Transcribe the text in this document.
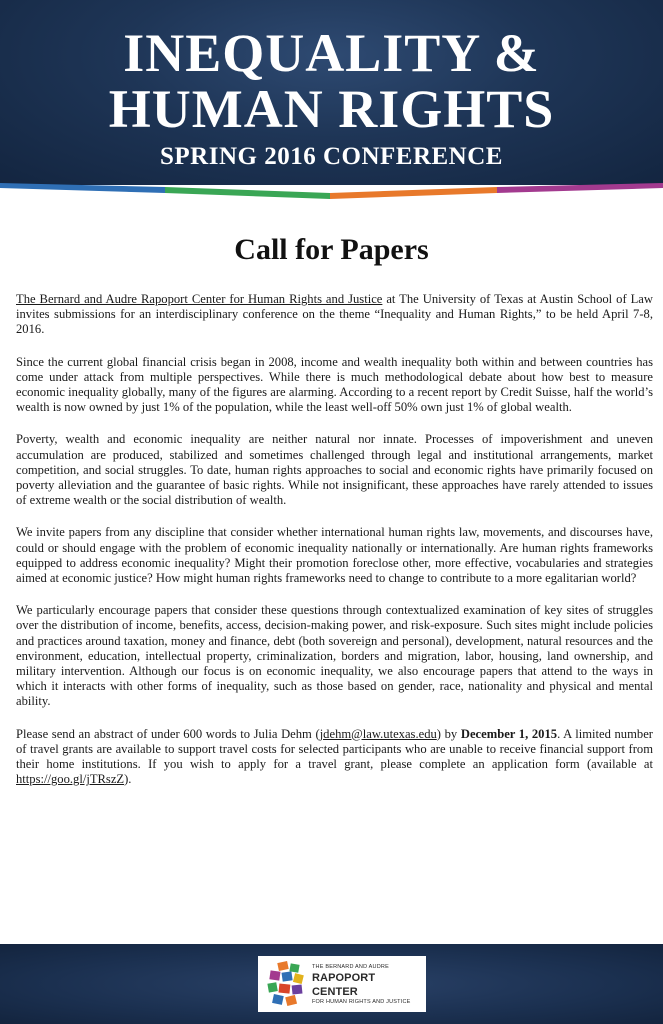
INEQUALITY &
HUMAN RIGHTS
SPRING 2016 CONFERENCE
Call for Papers

The Bernard and Audre Rapoport Center for Human Rights and Justice at The University of Texas at Austin School of Law invites submissions for an interdisciplinary conference on the theme “Inequality and Human Rights,” to be held April 7-8, 2016.

Since the current global financial crisis began in 2008, income and wealth inequality both within and between countries has come under attack from multiple perspectives. While there is much methodological debate about how best to measure economic inequality globally, many of the figures are alarming. According to a recent report by Credit Suisse, half the world’s wealth is now owned by just 1% of the population, while the least well-off 50% own just 1% of global wealth.

Poverty, wealth and economic inequality are neither natural nor innate. Processes of impoverishment and uneven accumulation are produced, stabilized and sometimes challenged through legal and institutional arrangements, market competition, and social struggles. To date, human rights approaches to social and economic rights have primarily focused on poverty alleviation and the guarantee of basic rights. While not insignificant, these approaches have rarely attended to issues of extreme wealth or the social distribution of wealth.

We invite papers from any discipline that consider whether international human rights law, movements, and discourses have, could or should engage with the problem of economic inequality nationally or internationally. Are human rights frameworks equipped to address economic inequality? Might their promotion foreclose other, more effective, vocabularies and strategies aimed at economic justice? How might human rights frameworks need to change to contribute to a more egalitarian world?

We particularly encourage papers that consider these questions through contextualized examination of key sites of struggles over the distribution of income, benefits, access, decision-making power, and risk-exposure. Such sites might include policies and practices around taxation, money and finance, debt (both sovereign and personal), development, natural resources and the environment, education, intellectual property, criminalization, borders and migration, labor, housing, land ownership, and military intervention. Although our focus is on economic inequality, we also encourage papers that attend to the ways in which it interacts with other forms of inequality, such as those based on gender, race, nationality and physical and mental ability.

Please send an abstract of under 600 words to Julia Dehm (jdehm@law.utexas.edu) by December 1, 2015. A limited number of travel grants are available to support travel costs for selected participants who are unable to receive financial support from their home institutions. If you wish to apply for a travel grant, please complete an application form (available at https://goo.gl/jTRszZ).

THE BERNARD AND AUDRE
RAPOPORT CENTER
FOR HUMAN RIGHTS AND JUSTICE
